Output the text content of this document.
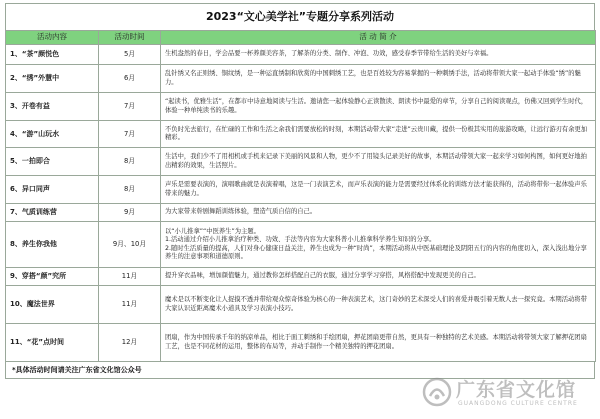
2023“文心美学社”专题分享系列活动
活动内容	活动时间	活 动 简 介
1、“茶”颜悦色	5月	生机盎然的春日，学会品要一杯养颜美容茶，了解茶的分类、制作、冲泡、功效，感受春季节带给生活的美好与幸福。
2、“绣”外慧中	6月	乱针绣又名正则绣、铜纹绣，是一种运直绣制和欣赏的中国刺绣工艺，也是百姓较为容易掌握的一种刺绣手法，活动将带领大家一起动手体验“绣”的魅力。
3、开卷有益	7月	“起读书，优雅生活”，在都市中诗意地阅读与生活。邀请您一起体验静心正读散读、朗读书中最爱的章节，分享自己的阅读观点，仿佛又回到学生时代，体验一种单纯读书的乐趣。
4、“游”山玩水	7月	不负时光去旅行，在忙碌的工作和生活之余我们需要放松的时刻，本期活动带大家“走进”云贵川藏，提供一份极其实用的旅游攻略，让远行游刃有余更加精彩。
5、一拍即合	8月	生活中，我们少不了用相机或手机来记录下美丽的风景和人物，更少不了用镜头记录美好的故事，本期活动带领大家一起来学习如何构图，如何更好地拍出精彩的效果，生活照片。
6、异口同声	8月	声乐是需要表演的，演唱歌曲就是表演着唱，这是一门表演艺术，而声乐表演的能力是需要经过体系化的训练方法才能获得的，活动将带你一起体验声乐带来的魅力。
7、气质训练营	9月	为大家带来幹剧舞蹈训练体验，塑造气质自信的自己。
8、养生你我他	9月、10月	以“小儿推拿”“中医养生”为主题。
1.活动通过介绍小儿推拿治疗种类、功效、手法等内容为大家科普小儿推拿科学养生知识的分享。
2.随时生活质量的提高，人们对身心健康日益关注，养生也成为一种“时尚”，本期活动将从中医基础理论及阴阳五行的内容的角度切入，深入浅出地分享养生的注意事项和道德原则。
9、穿搭“颜”究所	11月	提升穿衣品味，增加颜值魅力，通过教你怎样搭配自己的衣服，通过分享学习穿搭，风格搭配中发现更美的自己。
10、魔法世界	11月	魔术是以不断变化让人捉摸不透并带给观众惊奇体验为核心的一种表演艺术，这门奇妙的艺术深受人们的喜爱并吸引着无数人去一探究竟。本期活动将带大家认识近距离魔术小道具及学习表演小技巧。
11、“花”点时间	12月	团扇，作为中国传承千年的纳凉单品，相比于面工刺绣和手绘团扇，押花团扇更带自然，更具有一种独特的艺术美感。本期活动将带领大家了解押花团扇工艺，也是不同花材的运用，整体的布局等，并动手制作一个精美独特的押花团扇。
*具体活动时间请关注广东省文化馆公众号
广东省文化馆
GUANGDONG CULTURE CENTRE
